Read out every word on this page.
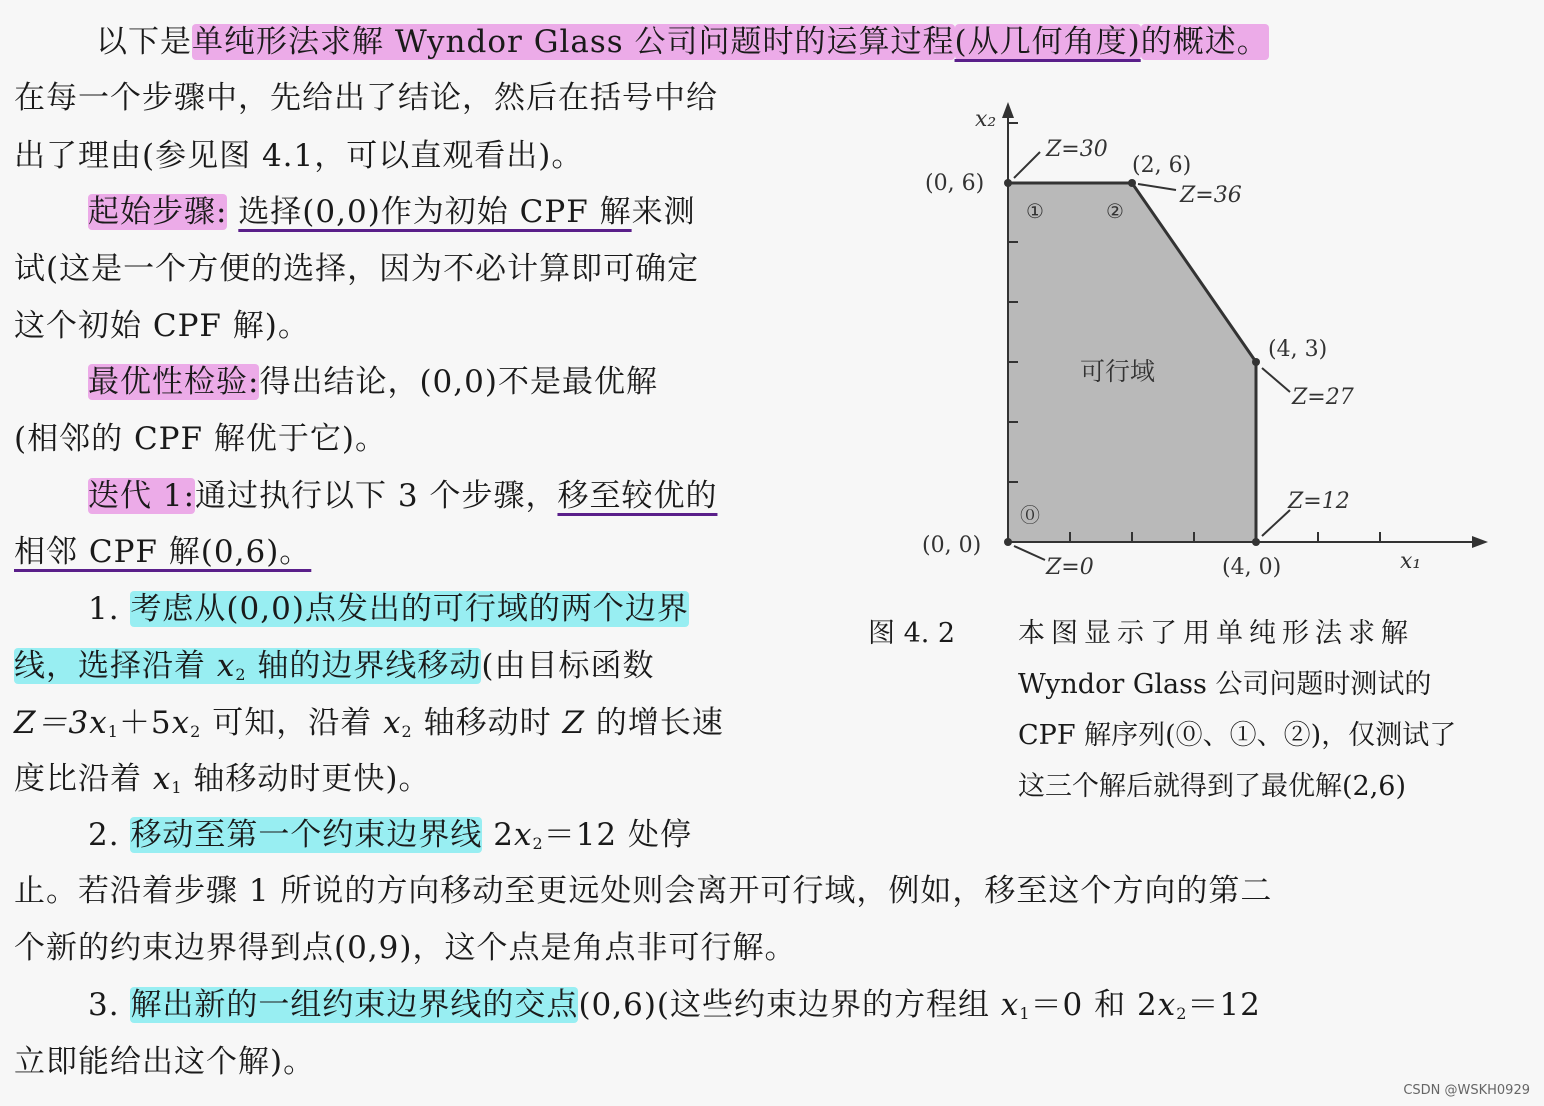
以下是单纯形法求解 Wyndor Glass 公司问题时的运算过程(从几何角度)的概述。
在每一个步骤中，先给出了结论，然后在括号中给
出了理由(参见图 4.1，可以直观看出)。
起始步骤: 选择(0,0)作为初始 CPF 解来测
试(这是一个方便的选择，因为不必计算即可确定
这个初始 CPF 解)。
最优性检验:得出结论，(0,0)不是最优解
(相邻的 CPF 解优于它)。
迭代 1:通过执行以下 3 个步骤，移至较优的
相邻 CPF 解(0,6)。
1. 考虑从(0,0)点发出的可行域的两个边界
线，选择沿着 $x_2$ 轴的边界线移动(由目标函数
$Z=3x_1+5x_2$ 可知，沿着 $x_2$ 轴移动时 Z 的增长速
度比沿着 $x_1$ 轴移动时更快)。
2. 移动至第一个约束边界线 $2x_2=12$ 处停
止。若沿着步骤 1 所说的方向移动至更远处则会离开可行域，例如，移至这个方向的第二
个新的约束边界得到点(0,9)，这个点是角点非可行解。
3. 解出新的一组约束边界线的交点(0,6)(这些约束边界的方程组 $x_1=0$ 和 $2x_2=12$
立即能给出这个解)。
x₂
x₁
可行域
(0, 0)
Z=0
⓪
(0, 6)
Z=30
①
(2, 6)
Z=36
②
(4, 3)
Z=27
(4, 0)
Z=12
图 4. 2 本图显示了用单纯形法求解
Wyndor Glass 公司问题时测试的
CPF 解序列(⓪、①、②)，仅测试了
这三个解后就得到了最优解(2,6)
CSDN @WSKH0929
